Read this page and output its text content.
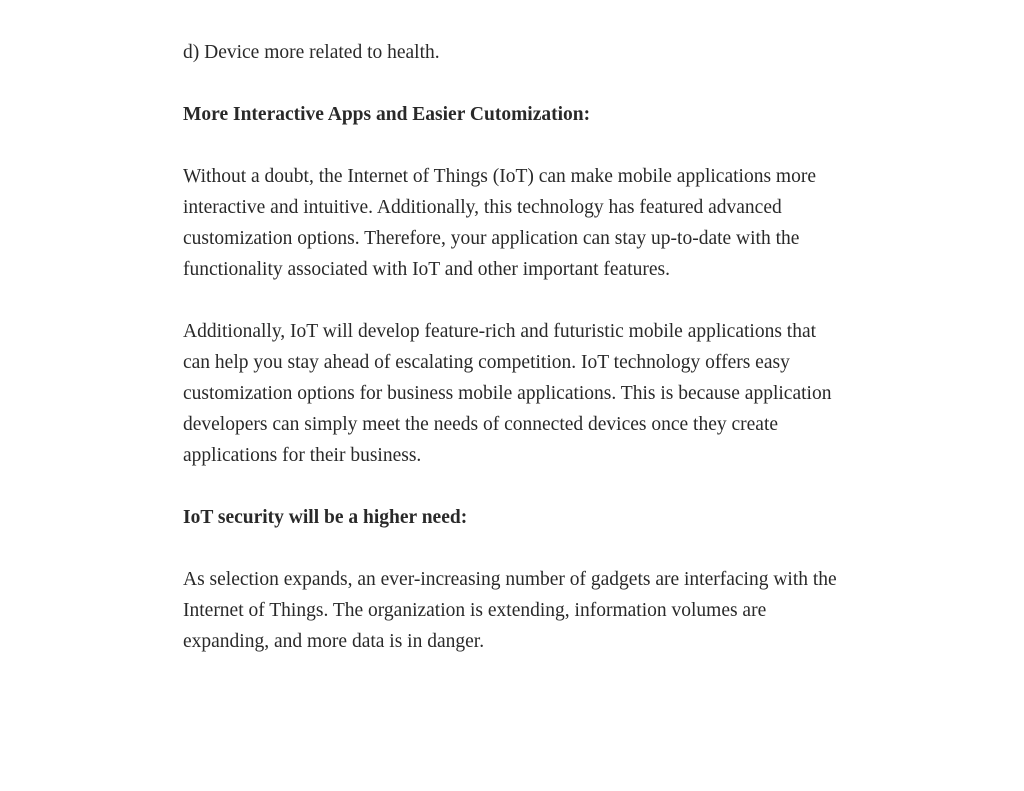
d) Device more related to health.

More Interactive Apps and Easier Cutomization:

Without a doubt, the Internet of Things (IoT) can make mobile applications more interactive and intuitive. Additionally, this technology has featured advanced customization options. Therefore, your application can stay up-to-date with the functionality associated with IoT and other important features.

Additionally, IoT will develop feature-rich and futuristic mobile applications that can help you stay ahead of escalating competition. IoT technology offers easy customization options for business mobile applications. This is because application developers can simply meet the needs of connected devices once they create applications for their business.

IoT security will be a higher need:

As selection expands, an ever-increasing number of gadgets are interfacing with the Internet of Things. The organization is extending, information volumes are expanding, and more data is in danger.
